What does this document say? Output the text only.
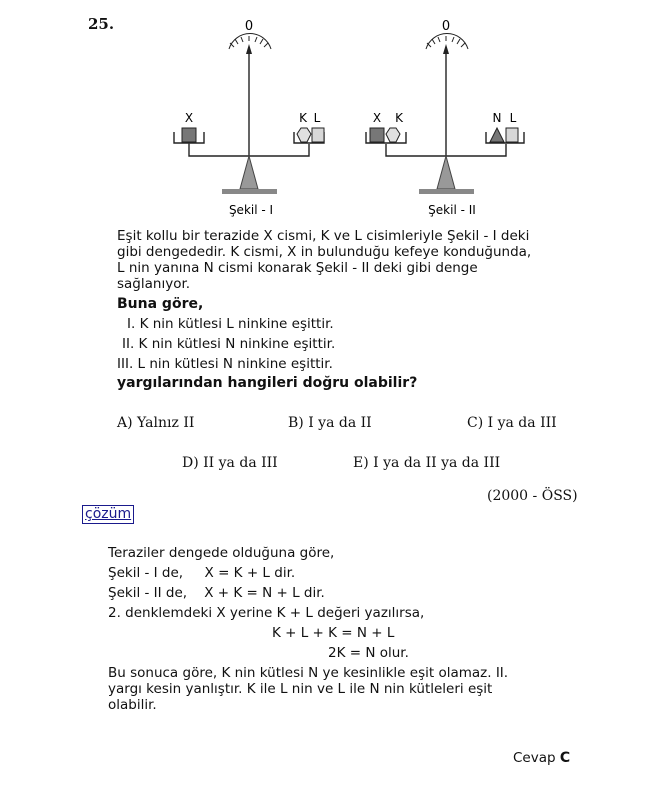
25.	0
X	K L
Şekil - I
0
X K	N L
Şekil - II
Eşit kollu bir terazide X cismi, K ve L cisimleriyle Şekil - I deki
gibi dengededir. K cismi, X in bulunduğu kefeye konduğunda,
L nin yanına N cismi konarak Şekil - II deki gibi denge
sağlanıyor.
Buna göre,
I. K nin kütlesi L ninkine eşittir.
II. K nin kütlesi N ninkine eşittir.
III. L nin kütlesi N ninkine eşittir.
yargılarından hangileri doğru olabilir?
A) Yalnız II	B) I ya da II	C) I ya da III
D) II ya da III	E) I ya da II ya da III
(2000 - ÖSS)
çözüm
Teraziler dengede olduğuna göre,
Şekil - I de,     X = K + L dir.
Şekil - II de,    X + K = N + L dir.
2. denklemdeki X yerine K + L değeri yazılırsa,
K + L + K = N + L
2K = N olur.
Bu sonuca göre, K nin kütlesi N ye kesinlikle eşit olamaz. II.
yargı kesin yanlıştır. K ile L nin ve L ile N nin kütleleri eşit
olabilir.
Cevap C
